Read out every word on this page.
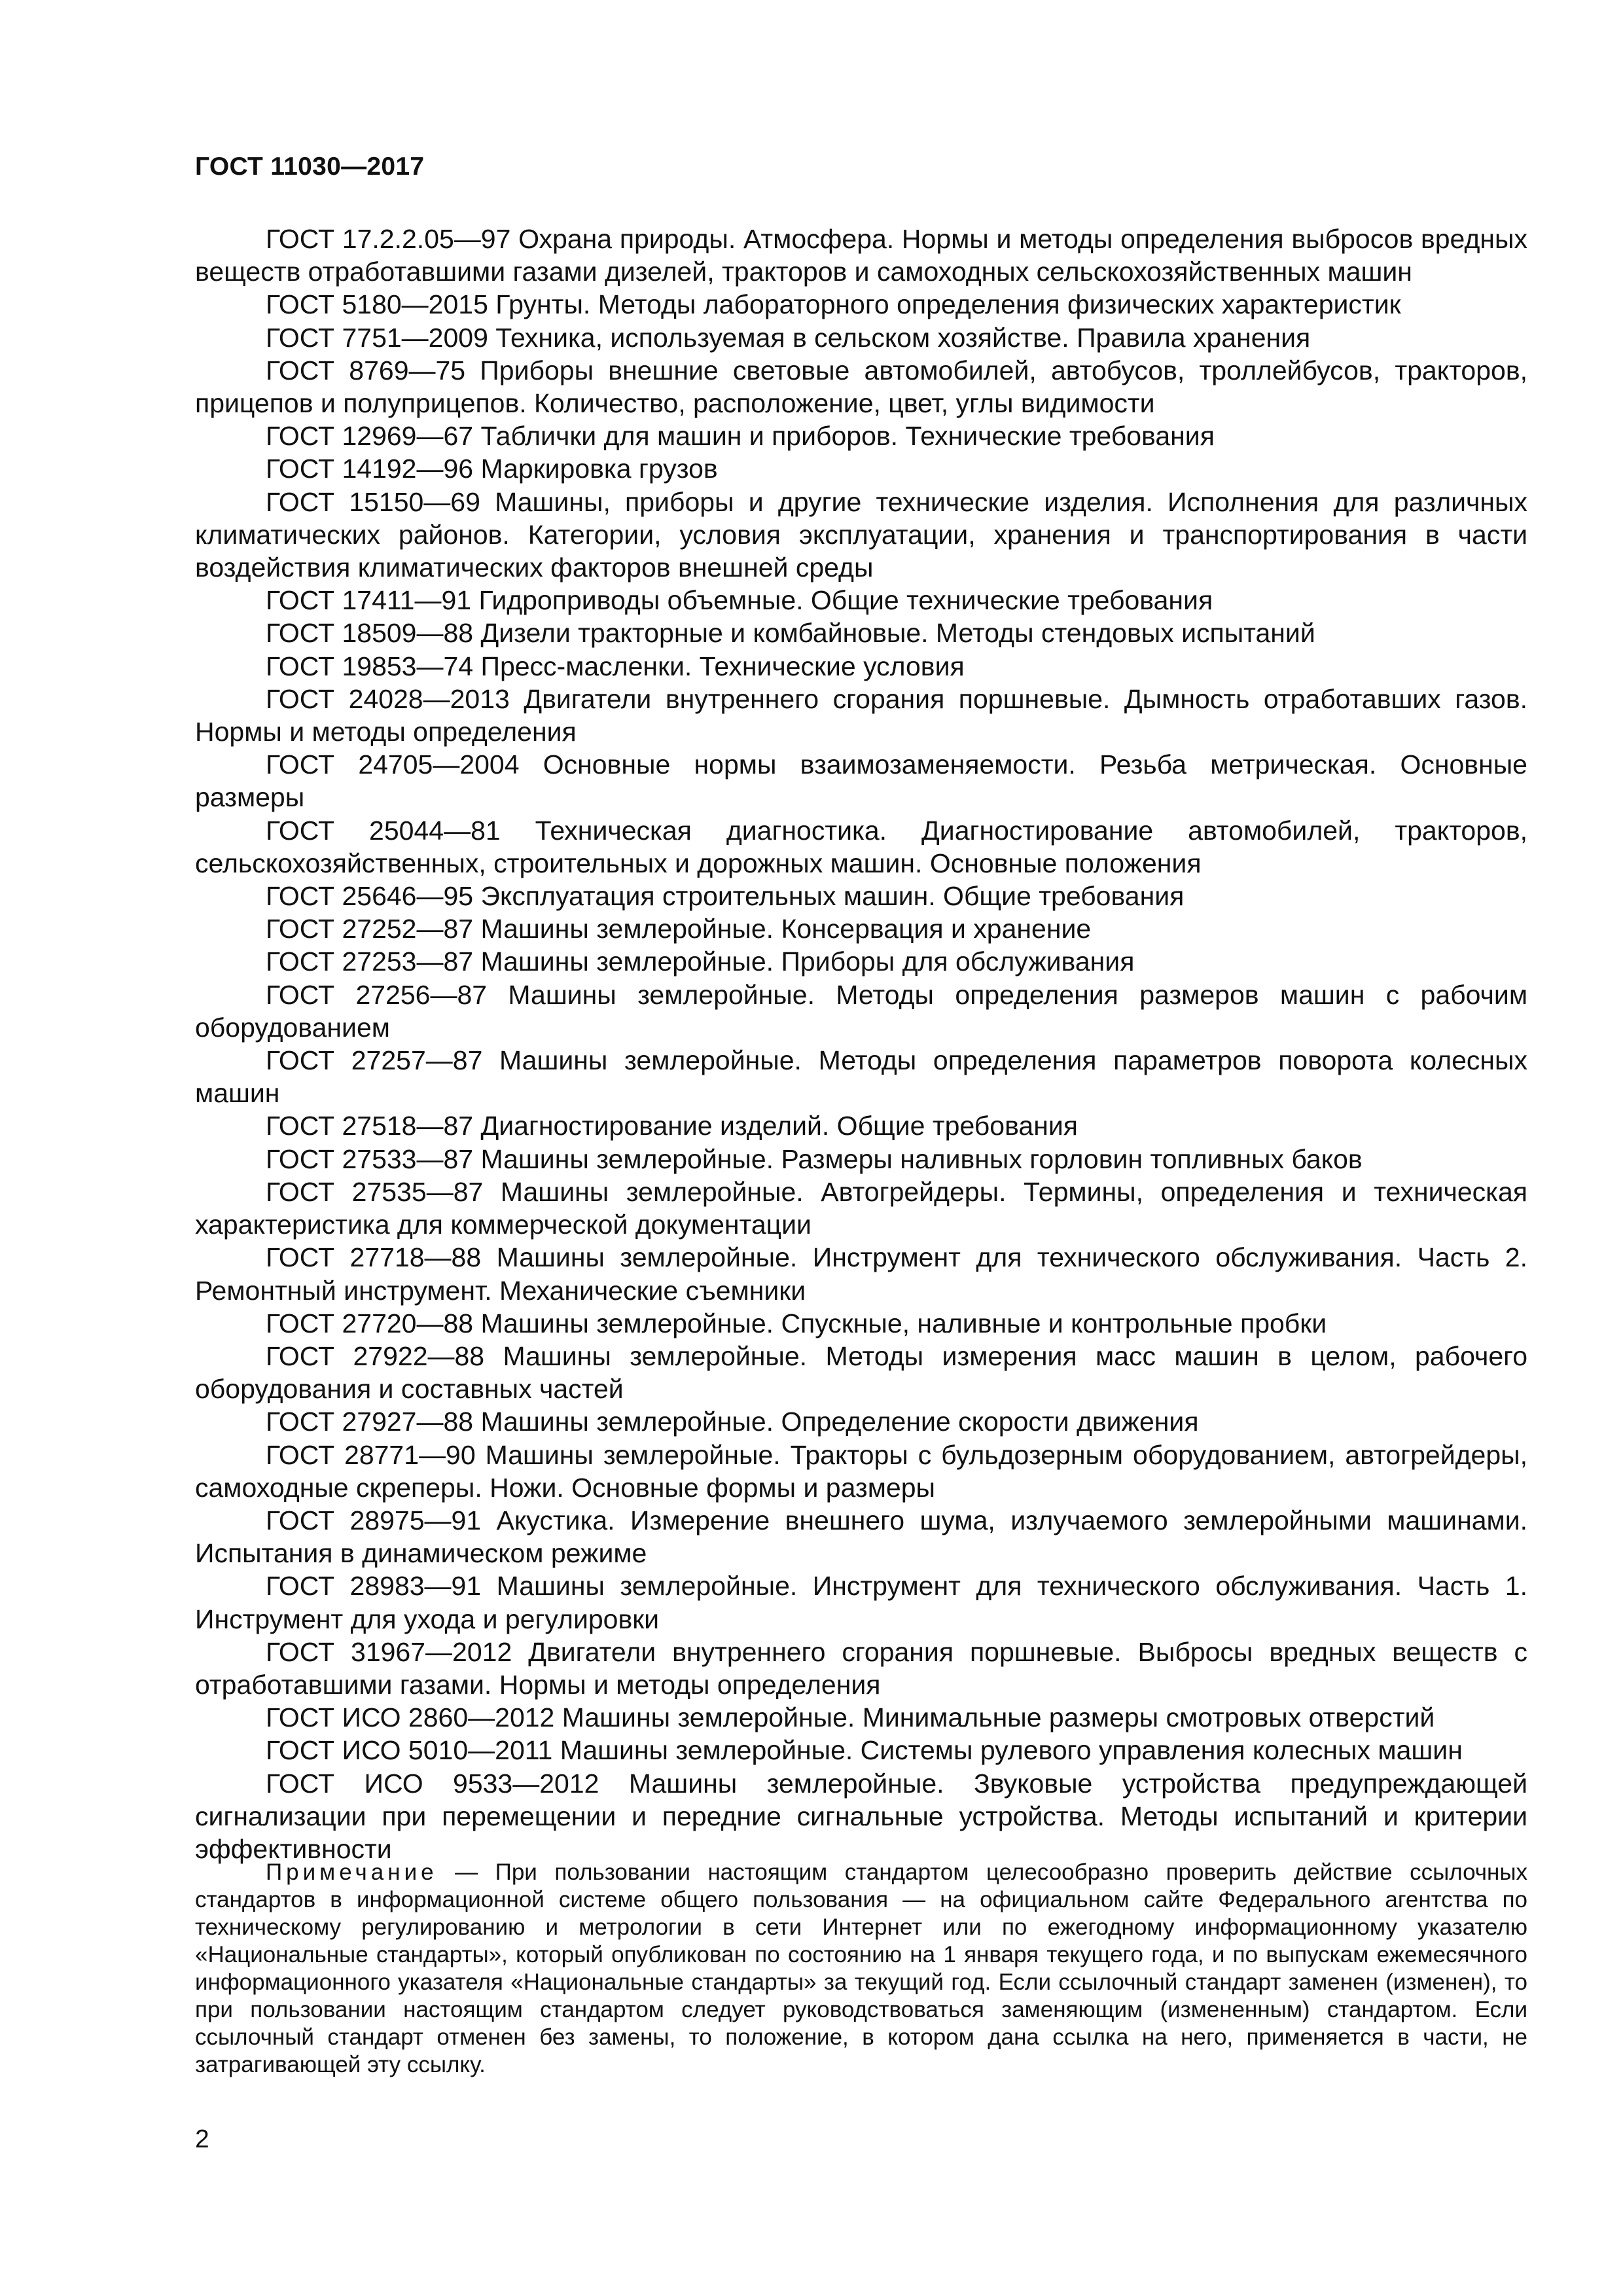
ГОСТ 11030—2017

ГОСТ 17.2.2.05—97 Охрана природы. Атмосфера. Нормы и методы определения выбросов вредных веществ отработавшими газами дизелей, тракторов и самоходных сельскохозяйственных машин

ГОСТ 5180—2015 Грунты. Методы лабораторного определения физических характеристик

ГОСТ 7751—2009 Техника, используемая в сельском хозяйстве. Правила хранения

ГОСТ 8769—75 Приборы внешние световые автомобилей, автобусов, троллейбусов, тракторов, прицепов и полуприцепов. Количество, расположение, цвет, углы видимости

ГОСТ 12969—67 Таблички для машин и приборов. Технические требования

ГОСТ 14192—96 Маркировка грузов

ГОСТ 15150—69 Машины, приборы и другие технические изделия. Исполнения для различных климатических районов. Категории, условия эксплуатации, хранения и транспортирования в части воздействия климатических факторов внешней среды

ГОСТ 17411—91 Гидроприводы объемные. Общие технические требования

ГОСТ 18509—88 Дизели тракторные и комбайновые. Методы стендовых испытаний

ГОСТ 19853—74 Пресс-масленки. Технические условия

ГОСТ 24028—2013 Двигатели внутреннего сгорания поршневые. Дымность отработавших газов. Нормы и методы определения

ГОСТ 24705—2004 Основные нормы взаимозаменяемости. Резьба метрическая. Основные размеры

ГОСТ 25044—81 Техническая диагностика. Диагностирование автомобилей, тракторов, сельскохозяйственных, строительных и дорожных машин. Основные положения

ГОСТ 25646—95 Эксплуатация строительных машин. Общие требования

ГОСТ 27252—87 Машины землеройные. Консервация и хранение

ГОСТ 27253—87 Машины землеройные. Приборы для обслуживания

ГОСТ 27256—87 Машины землеройные. Методы определения размеров машин с рабочим оборудованием

ГОСТ 27257—87 Машины землеройные. Методы определения параметров поворота колесных машин

ГОСТ 27518—87 Диагностирование изделий. Общие требования

ГОСТ 27533—87 Машины землеройные. Размеры наливных горловин топливных баков

ГОСТ 27535—87 Машины землеройные. Автогрейдеры. Термины, определения и техническая характеристика для коммерческой документации

ГОСТ 27718—88 Машины землеройные. Инструмент для технического обслуживания. Часть 2. Ремонтный инструмент. Механические съемники

ГОСТ 27720—88 Машины землеройные. Спускные, наливные и контрольные пробки

ГОСТ 27922—88 Машины землеройные. Методы измерения масс машин в целом, рабочего оборудования и составных частей

ГОСТ 27927—88 Машины землеройные. Определение скорости движения

ГОСТ 28771—90 Машины землеройные. Тракторы с бульдозерным оборудованием, автогрейдеры, самоходные скреперы. Ножи. Основные формы и размеры

ГОСТ 28975—91 Акустика. Измерение внешнего шума, излучаемого землеройными машинами. Испытания в динамическом режиме

ГОСТ 28983—91 Машины землеройные. Инструмент для технического обслуживания. Часть 1. Инструмент для ухода и регулировки

ГОСТ 31967—2012 Двигатели внутреннего сгорания поршневые. Выбросы вредных веществ с отработавшими газами. Нормы и методы определения

ГОСТ ИСО 2860—2012 Машины землеройные. Минимальные размеры смотровых отверстий

ГОСТ ИСО 5010—2011 Машины землеройные. Системы рулевого управления колесных машин

ГОСТ ИСО 9533—2012 Машины землеройные. Звуковые устройства предупреждающей сигнализации при перемещении и передние сигнальные устройства. Методы испытаний и критерии эффективности

Примечание — При пользовании настоящим стандартом целесообразно проверить действие ссылочных стандартов в информационной системе общего пользования — на официальном сайте Федерального агентства по техническому регулированию и метрологии в сети Интернет или по ежегодному информационному указателю «Национальные стандарты», который опубликован по состоянию на 1 января текущего года, и по выпускам ежемесячного информационного указателя «Национальные стандарты» за текущий год. Если ссылочный стандарт заменен (изменен), то при пользовании настоящим стандартом следует руководствоваться заменяющим (измененным) стандартом. Если ссылочный стандарт отменен без замены, то положение, в котором дана ссылка на него, применяется в части, не затрагивающей эту ссылку.

2
